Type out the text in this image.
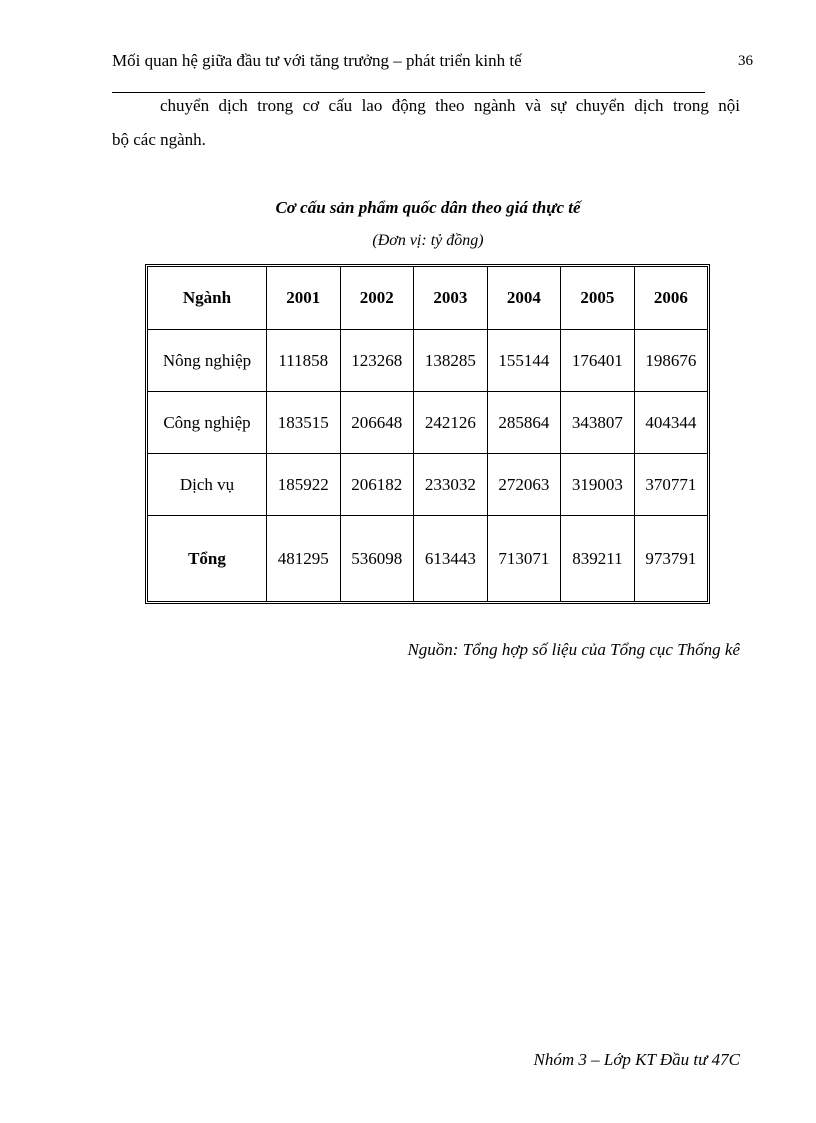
Mối quan hệ giữa đầu tư với tăng trưởng – phát triển kinh tế	36
chuyển dịch trong cơ cấu lao động theo ngành và sự chuyển dịch trong nội
bộ các ngành.
Cơ cấu sản phẩm quốc dân theo giá thực tế
(Đơn vị: tỷ đồng)
Ngành	2001	2002	2003	2004	2005	2006
Nông nghiệp	111858	123268	138285	155144	176401	198676
Công nghiệp	183515	206648	242126	285864	343807	404344
Dịch vụ	185922	206182	233032	272063	319003	370771
Tổng	481295	536098	613443	713071	839211	973791
Nguồn: Tổng hợp số liệu của Tổng cục Thống kê
Nhóm 3 – Lớp KT Đầu tư 47C
